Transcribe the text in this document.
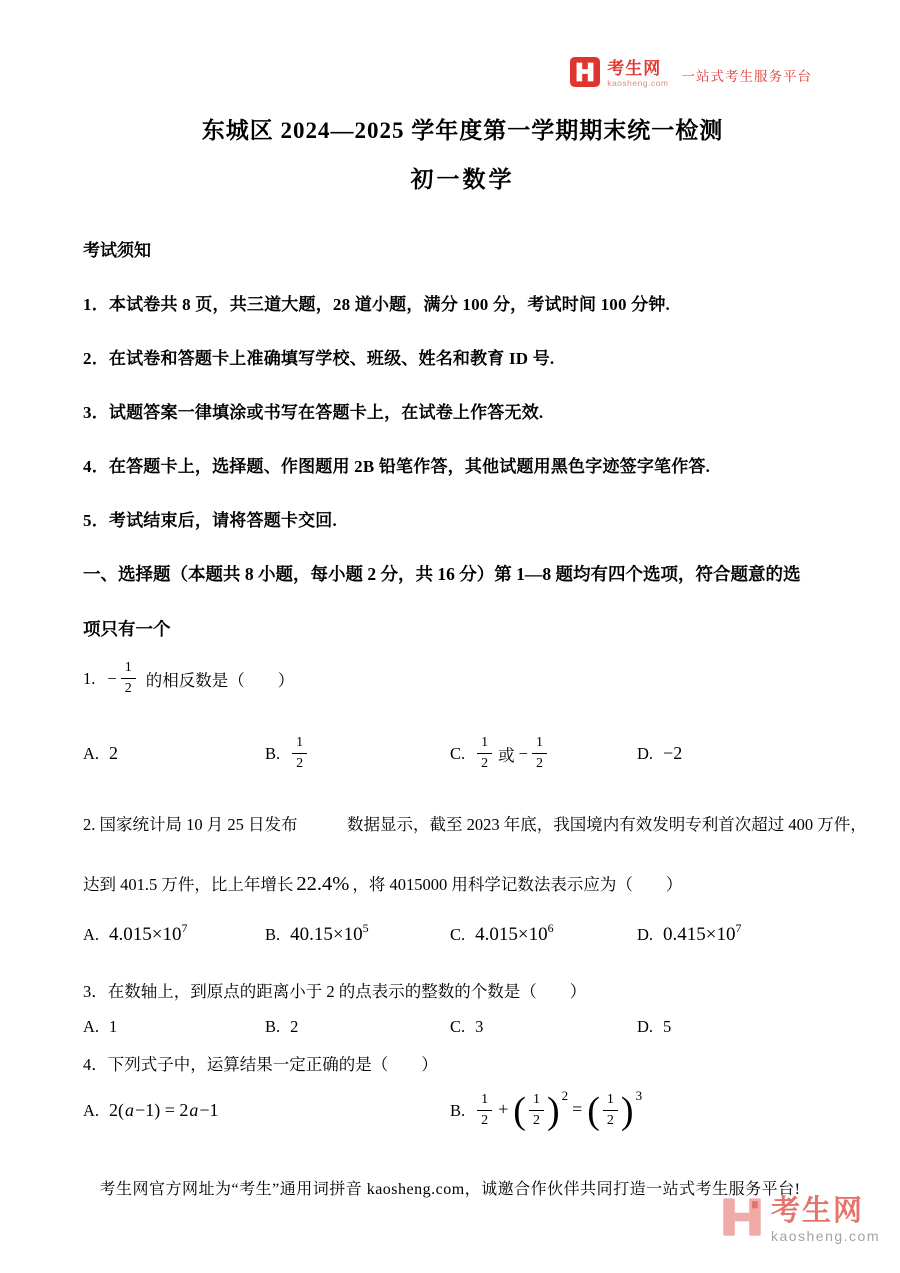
考生网
kaosheng.com 一站式考生服务平台
东城区 2024—2025 学年度第一学期期末统一检测
初一数学
考试须知
1．本试卷共 8 页，共三道大题，28 道小题，满分 100 分，考试时间 100 分钟.
2．在试卷和答题卡上准确填写学校、班级、姓名和教育 ID 号.
3．试题答案一律填涂或书写在答题卡上，在试卷上作答无效.
4．在答题卡上，选择题、作图题用 2B 铅笔作答，其他试题用黑色字迹签字笔作答.
5．考试结束后，请将答题卡交回.
一、选择题（本题共 8 小题，每小题 2 分，共 16 分）第 1—8 题均有四个选项，符合题意的选
项只有一个
1. − $\frac{1}{2}$ 的相反数是（　　）
A. 2	B. $\frac{1}{2}$	C. $\frac{1}{2}$ 或 − $\frac{1}{2}$	D. −2
2. 国家统计局 10 月 25 日发布　　　数据显示，截至 2023 年底，我国境内有效发明专利首次超过 400 万件，
达到 401.5 万件，比上年增长 22.4% ，将 4015000 用科学记数法表示应为（　　）
A. $4.015\times 10^7$	B. $40.15\times 10^5$	C. $4.015\times 10^6$	D. $0.415\times 10^7$
3．在数轴上，到原点的距离小于 2 的点表示的整数的个数是（　　）
A. 1	B. 2	C. 3	D. 5
4．下列式子中，运算结果一定正确的是（　　）
A. 2(a−1) = 2a−1	B. $\frac{1}{2}$ + ( $\frac{1}{2}$ ) $^2$= ( $\frac{1}{2}$ ) $^3$
考生网官方网址为“考生”通用词拼音 kaosheng.com，诚邀合作伙伴共同打造一站式考生服务平台!
考生网
kaosheng.com
